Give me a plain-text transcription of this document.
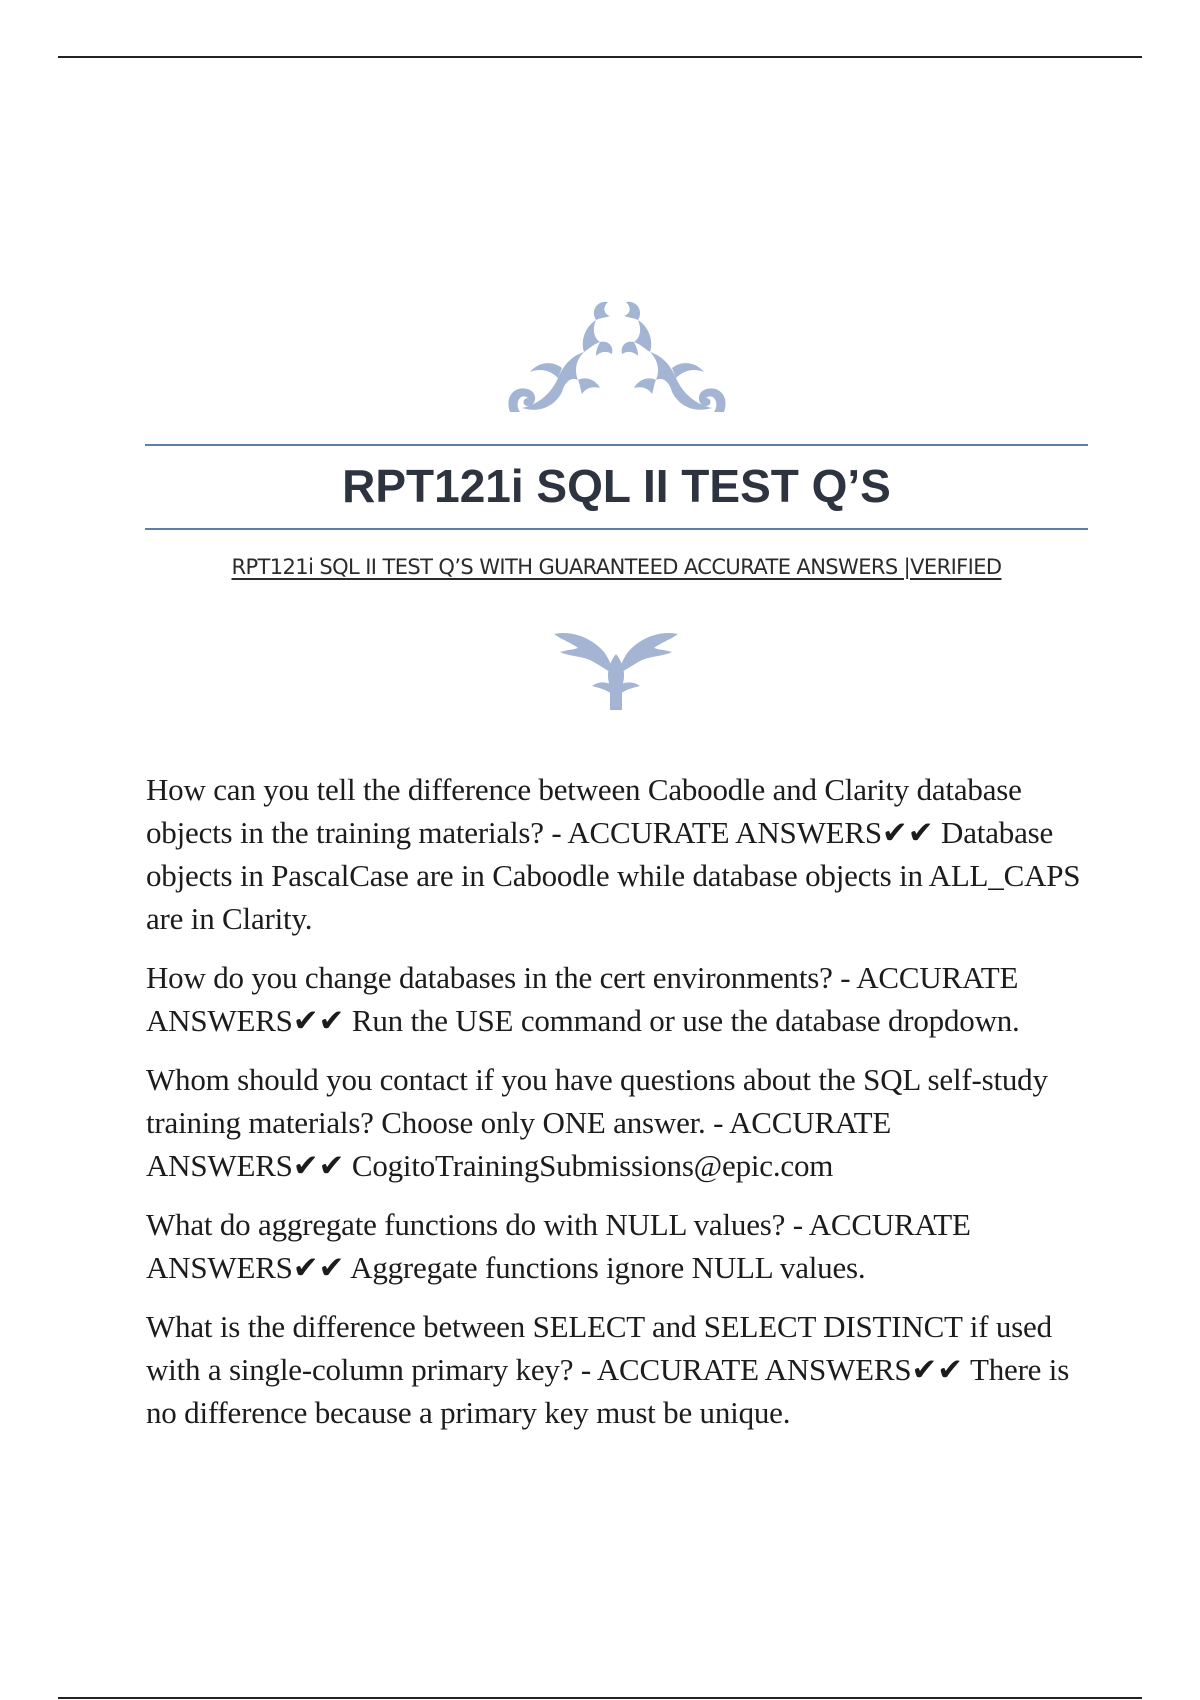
RPT121i SQL II TEST Q’S

RPT121i SQL II TEST Q’S WITH GUARANTEED ACCURATE ANSWERS |VERIFIED

How can you tell the difference between Caboodle and Clarity database objects in the training materials? - ACCURATE ANSWERS✔✔ Database objects in PascalCase are in Caboodle while database objects in ALL_CAPS are in Clarity.

How do you change databases in the cert environments? - ACCURATE ANSWERS✔✔ Run the USE command or use the database dropdown.

Whom should you contact if you have questions about the SQL self-study training materials? Choose only ONE answer. - ACCURATE ANSWERS✔✔ CogitoTrainingSubmissions@epic.com

What do aggregate functions do with NULL values? - ACCURATE ANSWERS✔✔ Aggregate functions ignore NULL values.

What is the difference between SELECT and SELECT DISTINCT if used with a single-column primary key? - ACCURATE ANSWERS✔✔ There is no difference because a primary key must be unique.
